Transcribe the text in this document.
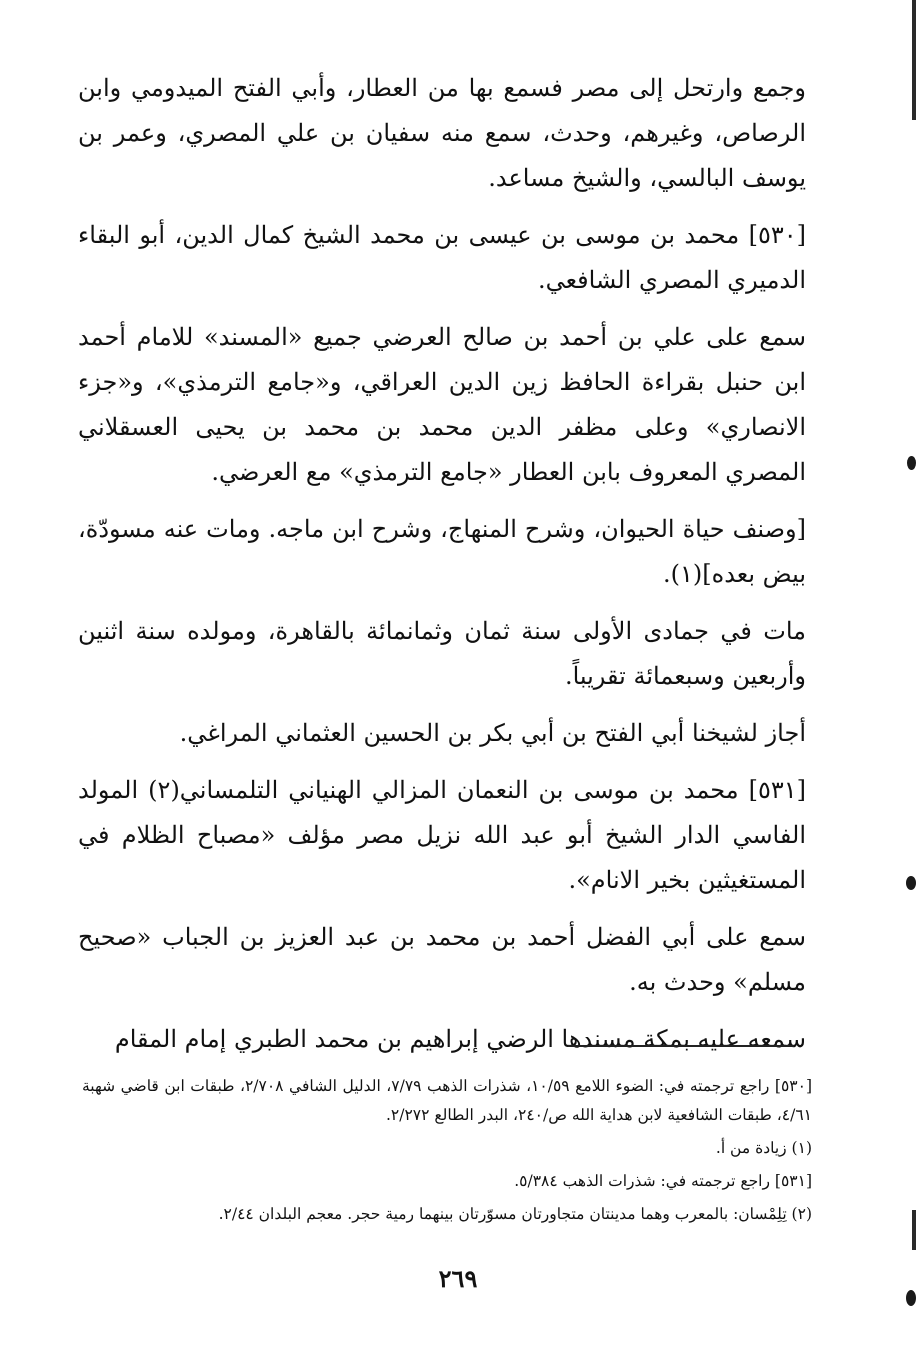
وجمع وارتحل إلى مصر فسمع بها من العطار، وأبي الفتح الميدومي وابن الرصاص، وغيرهم، وحدث، سمع منه سفيان بن علي المصري، وعمر بن يوسف البالسي، والشيخ مساعد.

[٥٣٠] محمد بن موسى بن عيسى بن محمد الشيخ كمال الدين، أبو البقاء الدميري المصري الشافعي.

سمع على علي بن أحمد بن صالح العرضي جميع «المسند» للامام أحمد ابن حنبل بقراءة الحافظ زين الدين العراقي، و«جامع الترمذي»، و«جزء الانصاري» وعلى مظفر الدين محمد بن محمد بن يحيى العسقلاني المصري المعروف بابن العطار «جامع الترمذي» مع العرضي.

[وصنف حياة الحيوان، وشرح المنهاج، وشرح ابن ماجه. ومات عنه مسودّة، بيض بعده](١).

مات في جمادى الأولى سنة ثمان وثمانمائة بالقاهرة، ومولده سنة اثنين وأربعين وسبعمائة تقريباً.

أجاز لشيخنا أبي الفتح بن أبي بكر بن الحسين العثماني المراغي.

[٥٣١] محمد بن موسى بن النعمان المزالي الهنياني التلمساني(٢) المولد الفاسي الدار الشيخ أبو عبد الله نزيل مصر مؤلف «مصباح الظلام في المستغيثين بخير الانام».

سمع على أبي الفضل أحمد بن محمد بن عبد العزيز بن الجباب «صحيح مسلم» وحدث به.

سمعه عليه بمكة مسندها الرضي إبراهيم بن محمد الطبري إمام المقام

[٥٣٠] راجع ترجمته في: الضوء اللامع ١٠/٥٩، شذرات الذهب ٧/٧٩، الدليل الشافي ٢/٧٠٨، طبقات ابن قاضي شهبة ٤/٦١، طبقات الشافعية لابن هداية الله ص/٢٤٠، البدر الطالع ٢/٢٧٢.

(١) زيادة من أ.

[٥٣١] راجع ترجمته في: شذرات الذهب ٥/٣٨٤.

(٢) تِلِمْسان: بالمعرب وهما مدينتان متجاورتان مسوّرتان بينهما رمية حجر. معجم البلدان ٢/٤٤.

٢٦٩
